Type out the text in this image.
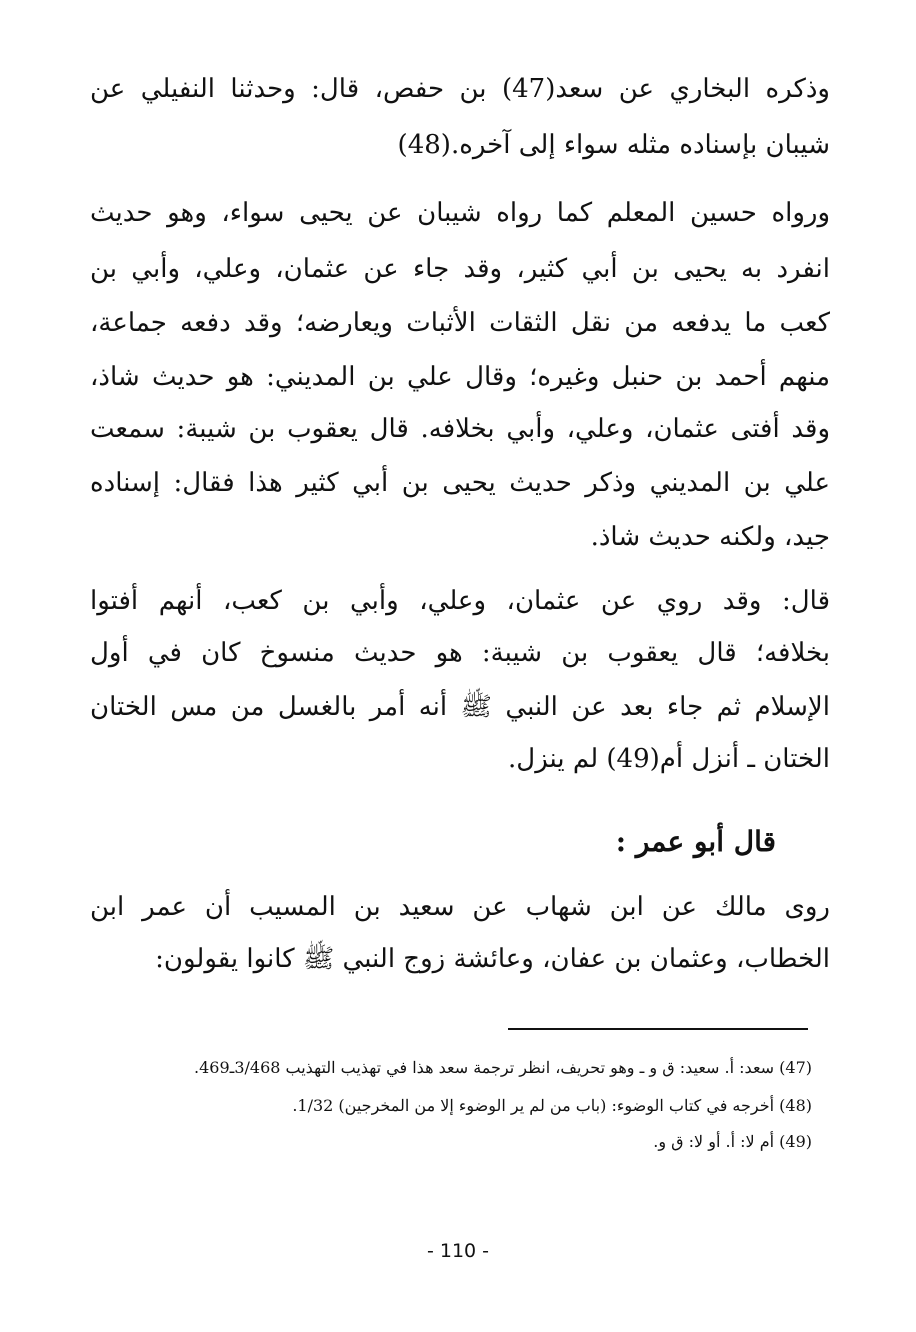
وذكره البخاري عن سعد(47) بن حفص، قال: وحدثنا النفيلي عن
شيبان بإسناده مثله سواء إلى آخره.(48)
ورواه حسين المعلم كما رواه شيبان عن يحيى سواء، وهو حديث
انفرد به يحيى بن أبي كثير، وقد جاء عن عثمان، وعلي، وأبي بن
كعب ما يدفعه من نقل الثقات الأثبات ويعارضه؛ وقد دفعه جماعة،
منهم أحمد بن حنبل وغيره؛ وقال علي بن المديني: هو حديث شاذ،
وقد أفتى عثمان، وعلي، وأبي بخلافه. قال يعقوب بن شيبة: سمعت
علي بن المديني وذكر حديث يحيى بن أبي كثير هذا فقال: إسناده
جيد، ولكنه حديث شاذ.
قال: وقد روي عن عثمان، وعلي، وأبي بن كعب، أنهم أفتوا
بخلافه؛ قال يعقوب بن شيبة: هو حديث منسوخ كان في أول
الإسلام ثم جاء بعد عن النبي ﷺ أنه أمر بالغسل من مس الختان
الختان ـ أنزل أم(49) لم ينزل.
قال أبو عمر :
روى مالك عن ابن شهاب عن سعيد بن المسيب أن عمر ابن
الخطاب، وعثمان بن عفان، وعائشة زوج النبي ﷺ كانوا يقولون:
(47) سعد: أ. سعيد: ق و ـ وهو تحريف، انظر ترجمة سعد هذا في تهذيب التهذيب 3/468ـ469.
(48) أخرجه في كتاب الوضوء: (باب من لم ير الوضوء إلا من المخرجين) 1/32.
(49) أم لا: أ. أو لا: ق و.
- 110 -
